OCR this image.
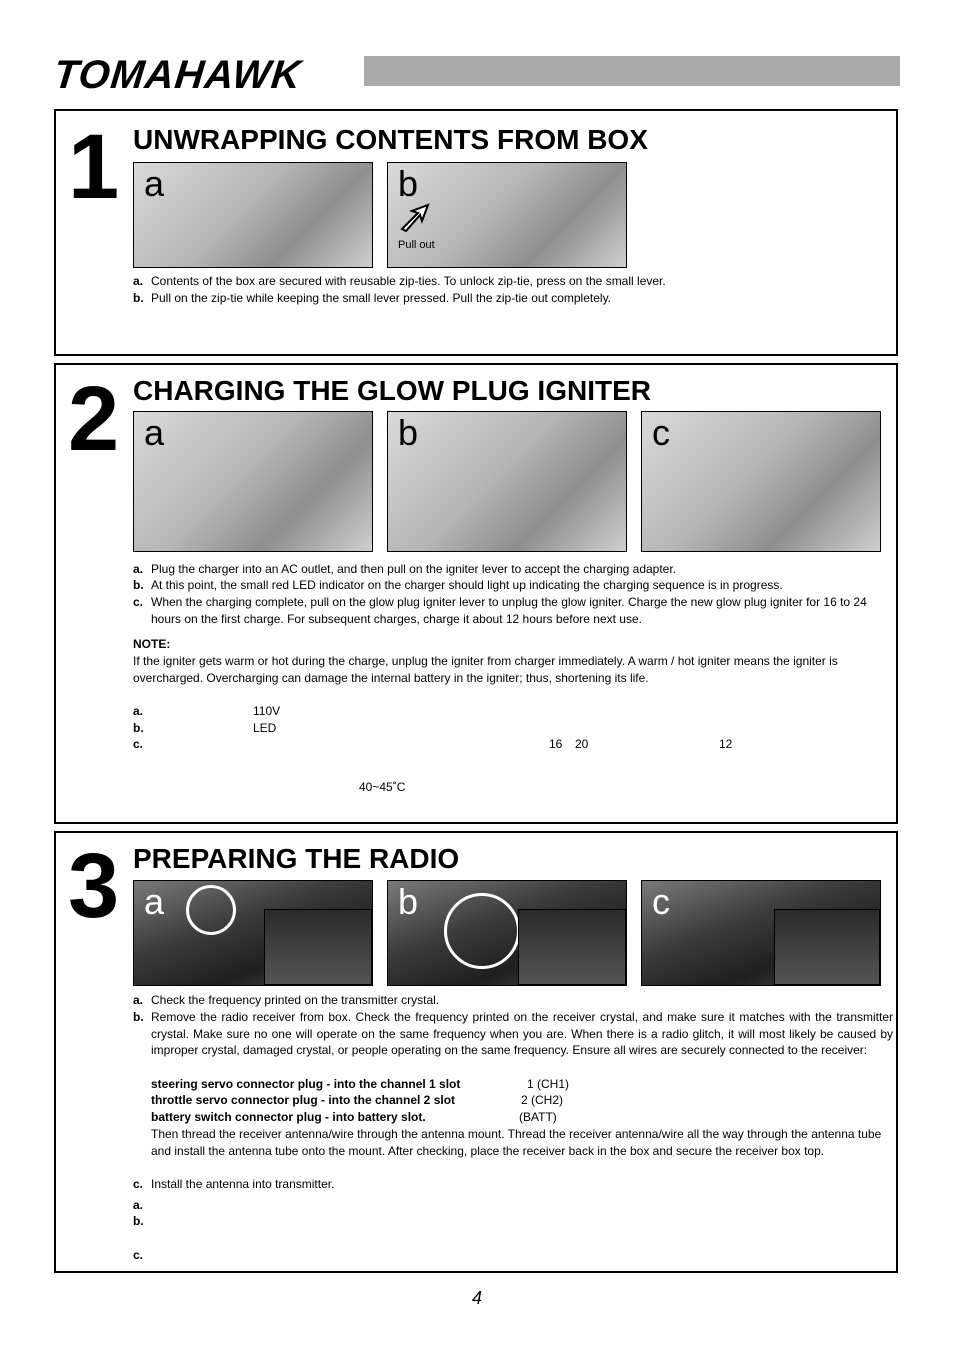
TOMAHAWK
1 UNWRAPPING CONTENTS FROM BOX
a	b
Pull out
a. Contents of the box are secured with reusable zip-ties. To unlock zip-tie, press on the small lever.
b. Pull on the zip-tie while keeping the small lever pressed. Pull the zip-tie out completely.
2 CHARGING THE GLOW PLUG IGNITER
a	b	c
a. Plug the charger into an AC outlet, and then pull on the igniter lever to accept the charging adapter.
b. At this point, the small red LED indicator on the charger should light up indicating the charging sequence is in progress.
c. When the charging complete, pull on the glow plug igniter lever to unplug the glow igniter. Charge the new glow plug igniter for 16 to 24 hours on the first charge. For subsequent charges, charge it about 12 hours before next use.
NOTE:
If the igniter gets warm or hot during the charge, unplug the igniter from charger immediately. A warm / hot igniter means the igniter is overcharged. Overcharging can damage the internal battery in the igniter; thus, shortening its life.
a.	110V
b.	LED
c.	16 20	12
40~45˚C
3 PREPARING THE RADIO
a	b	c
a. Check the frequency printed on the transmitter crystal.
b. Remove the radio receiver from box. Check the frequency printed on the receiver crystal, and make sure it matches with the transmitter crystal. Make sure no one will operate on the same frequency when you are. When there is a radio glitch, it will most likely be caused by improper crystal, damaged crystal, or people operating on the same frequency. Ensure all wires are securely connected to the receiver:
steering servo connector plug - into the channel 1 slot	1 (CH1)
throttle servo connector plug - into the channel 2 slot	2 (CH2)
battery switch connector plug - into battery slot.	(BATT)
Then thread the receiver antenna/wire through the antenna mount. Thread the receiver antenna/wire all the way through the antenna tube and install the antenna tube onto the mount. After checking, place the receiver back in the box and secure the receiver box top.
c. Install the antenna into transmitter.
a.
b.
c.
4
